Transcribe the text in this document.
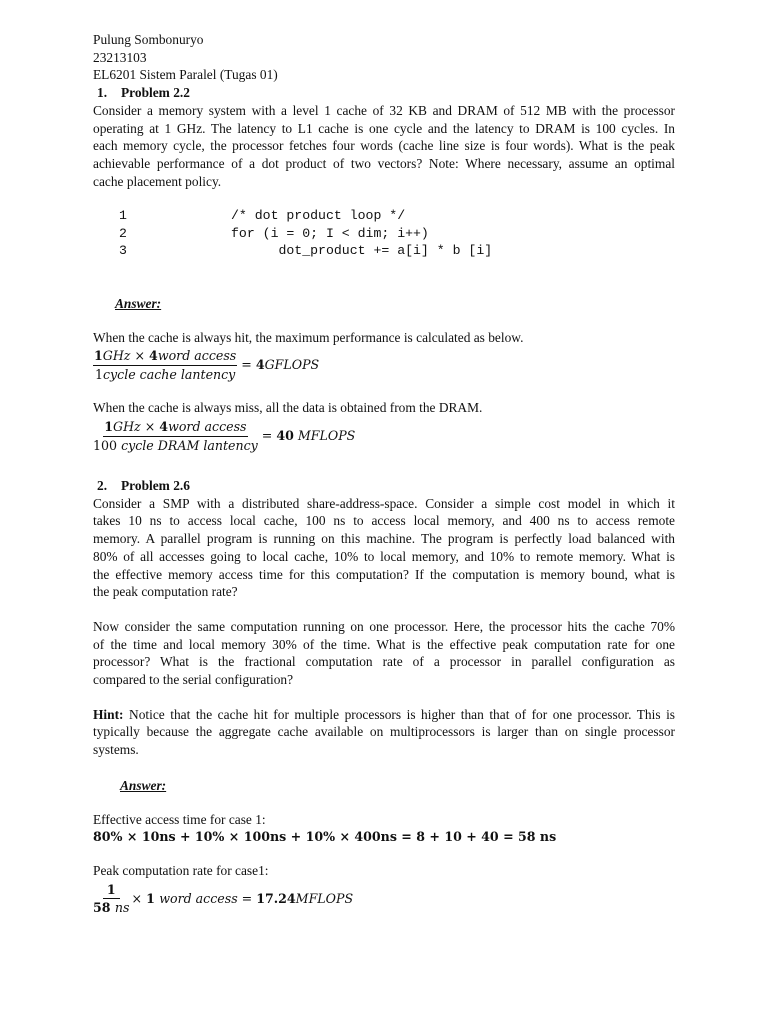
Pulung Sombonuryo
23213103
EL6201 Sistem Paralel (Tugas 01)
1. Problem 2.2
Consider a memory system with a level 1 cache of 32 KB and DRAM of 512 MB with the processor
operating at 1 GHz. The latency to L1 cache is one cycle and the latency to DRAM is 100 cycles. In
each memory cycle, the processor fetches four words (cache line size is four words). What is the peak
achievable performance of a dot product of two vectors? Note: Where necessary, assume an optimal
cache placement policy.
1	/* dot product loop */
2	for (i = 0; I < dim; i++)
3	dot_product += a[i] * b [i]
Answer:
When the cache is always hit, the maximum performance is calculated as below.
$\frac{\text{1GHz × 4word access}}{\text{1cycle cache lantency}}$ = 4GFLOPS
When the cache is always miss, all the data is obtained from the DRAM.
$\frac{\text{1GHz × 4word access}}{\text{100 cycle DRAM lantency}} = 40$ MFLOPS
2. Problem 2.6
Consider a SMP with a distributed share-address-space. Consider a simple cost model in which it
takes 10 ns to access local cache, 100 ns to access local memory, and 400 ns to access remote
memory. A parallel program is running on this machine. The program is perfectly load balanced with
80% of all accesses going to local cache, 10% to local memory, and 10% to remote memory. What is
the effective memory access time for this computation? If the computation is memory bound, what is
the peak computation rate?
Now consider the same computation running on one processor. Here, the processor hits the cache 70%
of the time and local memory 30% of the time. What is the effective peak computation rate for one
processor? What is the fractional computation rate of a processor in parallel configuration as
compared to the serial configuration?
Hint: Notice that the cache hit for multiple processors is higher than that of for one processor. This is
typically because the aggregate cache available on multiprocessors is larger than on single processor
systems.
Answer:
Effective access time for case 1:
80% × 10ns + 10% × 100ns + 10% × 400ns = 8 + 10 + 40 = 58 ns
Peak computation rate for case1:
$\frac{1}{58 ns} \times 1$ word access = 17.24MFLOPS
